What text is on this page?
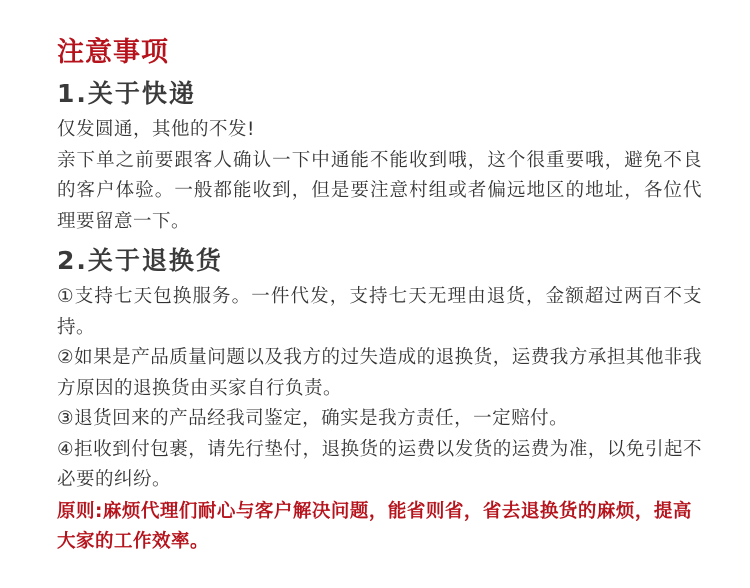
注意事项
1.关于快递

仅发圆通，其他的不发!

亲下单之前要跟客人确认一下中通能不能收到哦，这个很重要哦，避免不良的客户体验。一般都能收到，但是要注意村组或者偏远地区的地址，各位代理要留意一下。

2.关于退换货

①支持七天包换服务。一件代发，支持七天无理由退货，金额超过两百不支持。

②如果是产品质量问题以及我方的过失造成的退换货，运费我方承担其他非我方原因的退换货由买家自行负责。

③退货回来的产品经我司鉴定，确实是我方责任，一定赔付。

④拒收到付包裹，请先行垫付，退换货的运费以发货的运费为准，以免引起不必要的纠纷。

原则:麻烦代理们耐心与客户解决问题，能省则省，省去退换货的麻烦，提高大家的工作效率。
